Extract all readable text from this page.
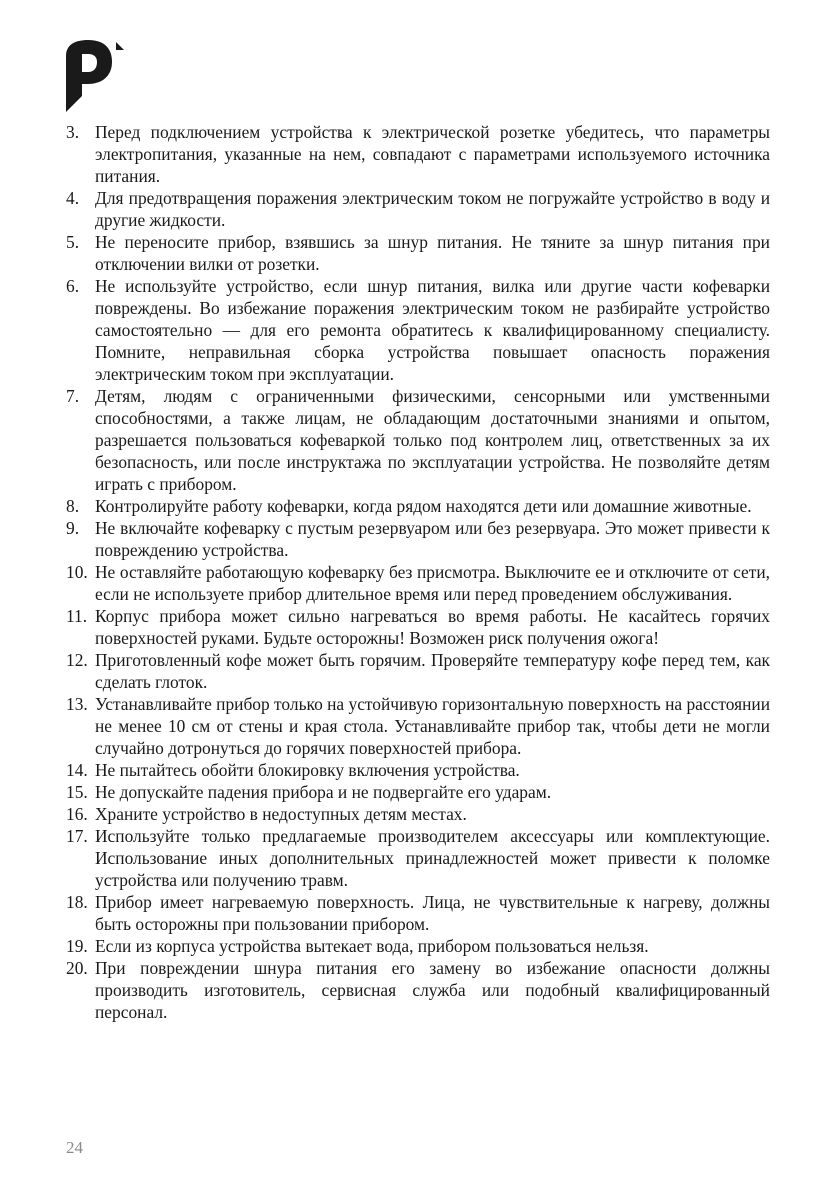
3. Перед подключением устройства к электрической розетке убедитесь, что параметры электропитания, указанные на нем, совпадают с параметрами используемого источника питания.
4. Для предотвращения поражения электрическим током не погружайте устройство в воду и другие жидкости.
5. Не переносите прибор, взявшись за шнур питания. Не тяните за шнур питания при отключении вилки от розетки.
6. Не используйте устройство, если шнур питания, вилка или другие части кофеварки повреждены. Во избежание поражения электрическим током не разбирайте устройство самостоятельно — для его ремонта обратитесь к квалифицированному специалисту. Помните, неправильная сборка устройства повышает опасность поражения электрическим током при эксплуатации.
7. Детям, людям с ограниченными физическими, сенсорными или умственными способностями, а также лицам, не обладающим достаточными знаниями и опытом, разрешается пользоваться кофеваркой только под контролем лиц, ответственных за их безопасность, или после инструктажа по эксплуатации устройства. Не позволяйте детям играть с прибором.
8. Контролируйте работу кофеварки, когда рядом находятся дети или домашние животные.
9. Не включайте кофеварку с пустым резервуаром или без резервуара. Это может привести к повреждению устройства.
10. Не оставляйте работающую кофеварку без присмотра. Выключите ее и отключите от сети, если не используете прибор длительное время или перед проведением обслуживания.
11. Корпус прибора может сильно нагреваться во время работы. Не касайтесь горячих поверхностей руками. Будьте осторожны! Возможен риск получения ожога!
12. Приготовленный кофе может быть горячим. Проверяйте температуру кофе перед тем, как сделать глоток.
13. Устанавливайте прибор только на устойчивую горизонтальную поверхность на расстоянии не менее 10 см от стены и края стола. Устанавливайте прибор так, чтобы дети не могли случайно дотронуться до горячих поверхностей прибора.
14. Не пытайтесь обойти блокировку включения устройства.
15. Не допускайте падения прибора и не подвергайте его ударам.
16. Храните устройство в недоступных детям местах.
17. Используйте только предлагаемые производителем аксессуары или комплектующие. Использование иных дополнительных принадлежностей может привести к поломке устройства или получению травм.
18. Прибор имеет нагреваемую поверхность. Лица, не чувствительные к нагреву, должны быть осторожны при пользовании прибором.
19. Если из корпуса устройства вытекает вода, прибором пользоваться нельзя.
20. При повреждении шнура питания его замену во избежание опасности должны производить изготовитель, сервисная служба или подобный квалифицированный персонал.
24
